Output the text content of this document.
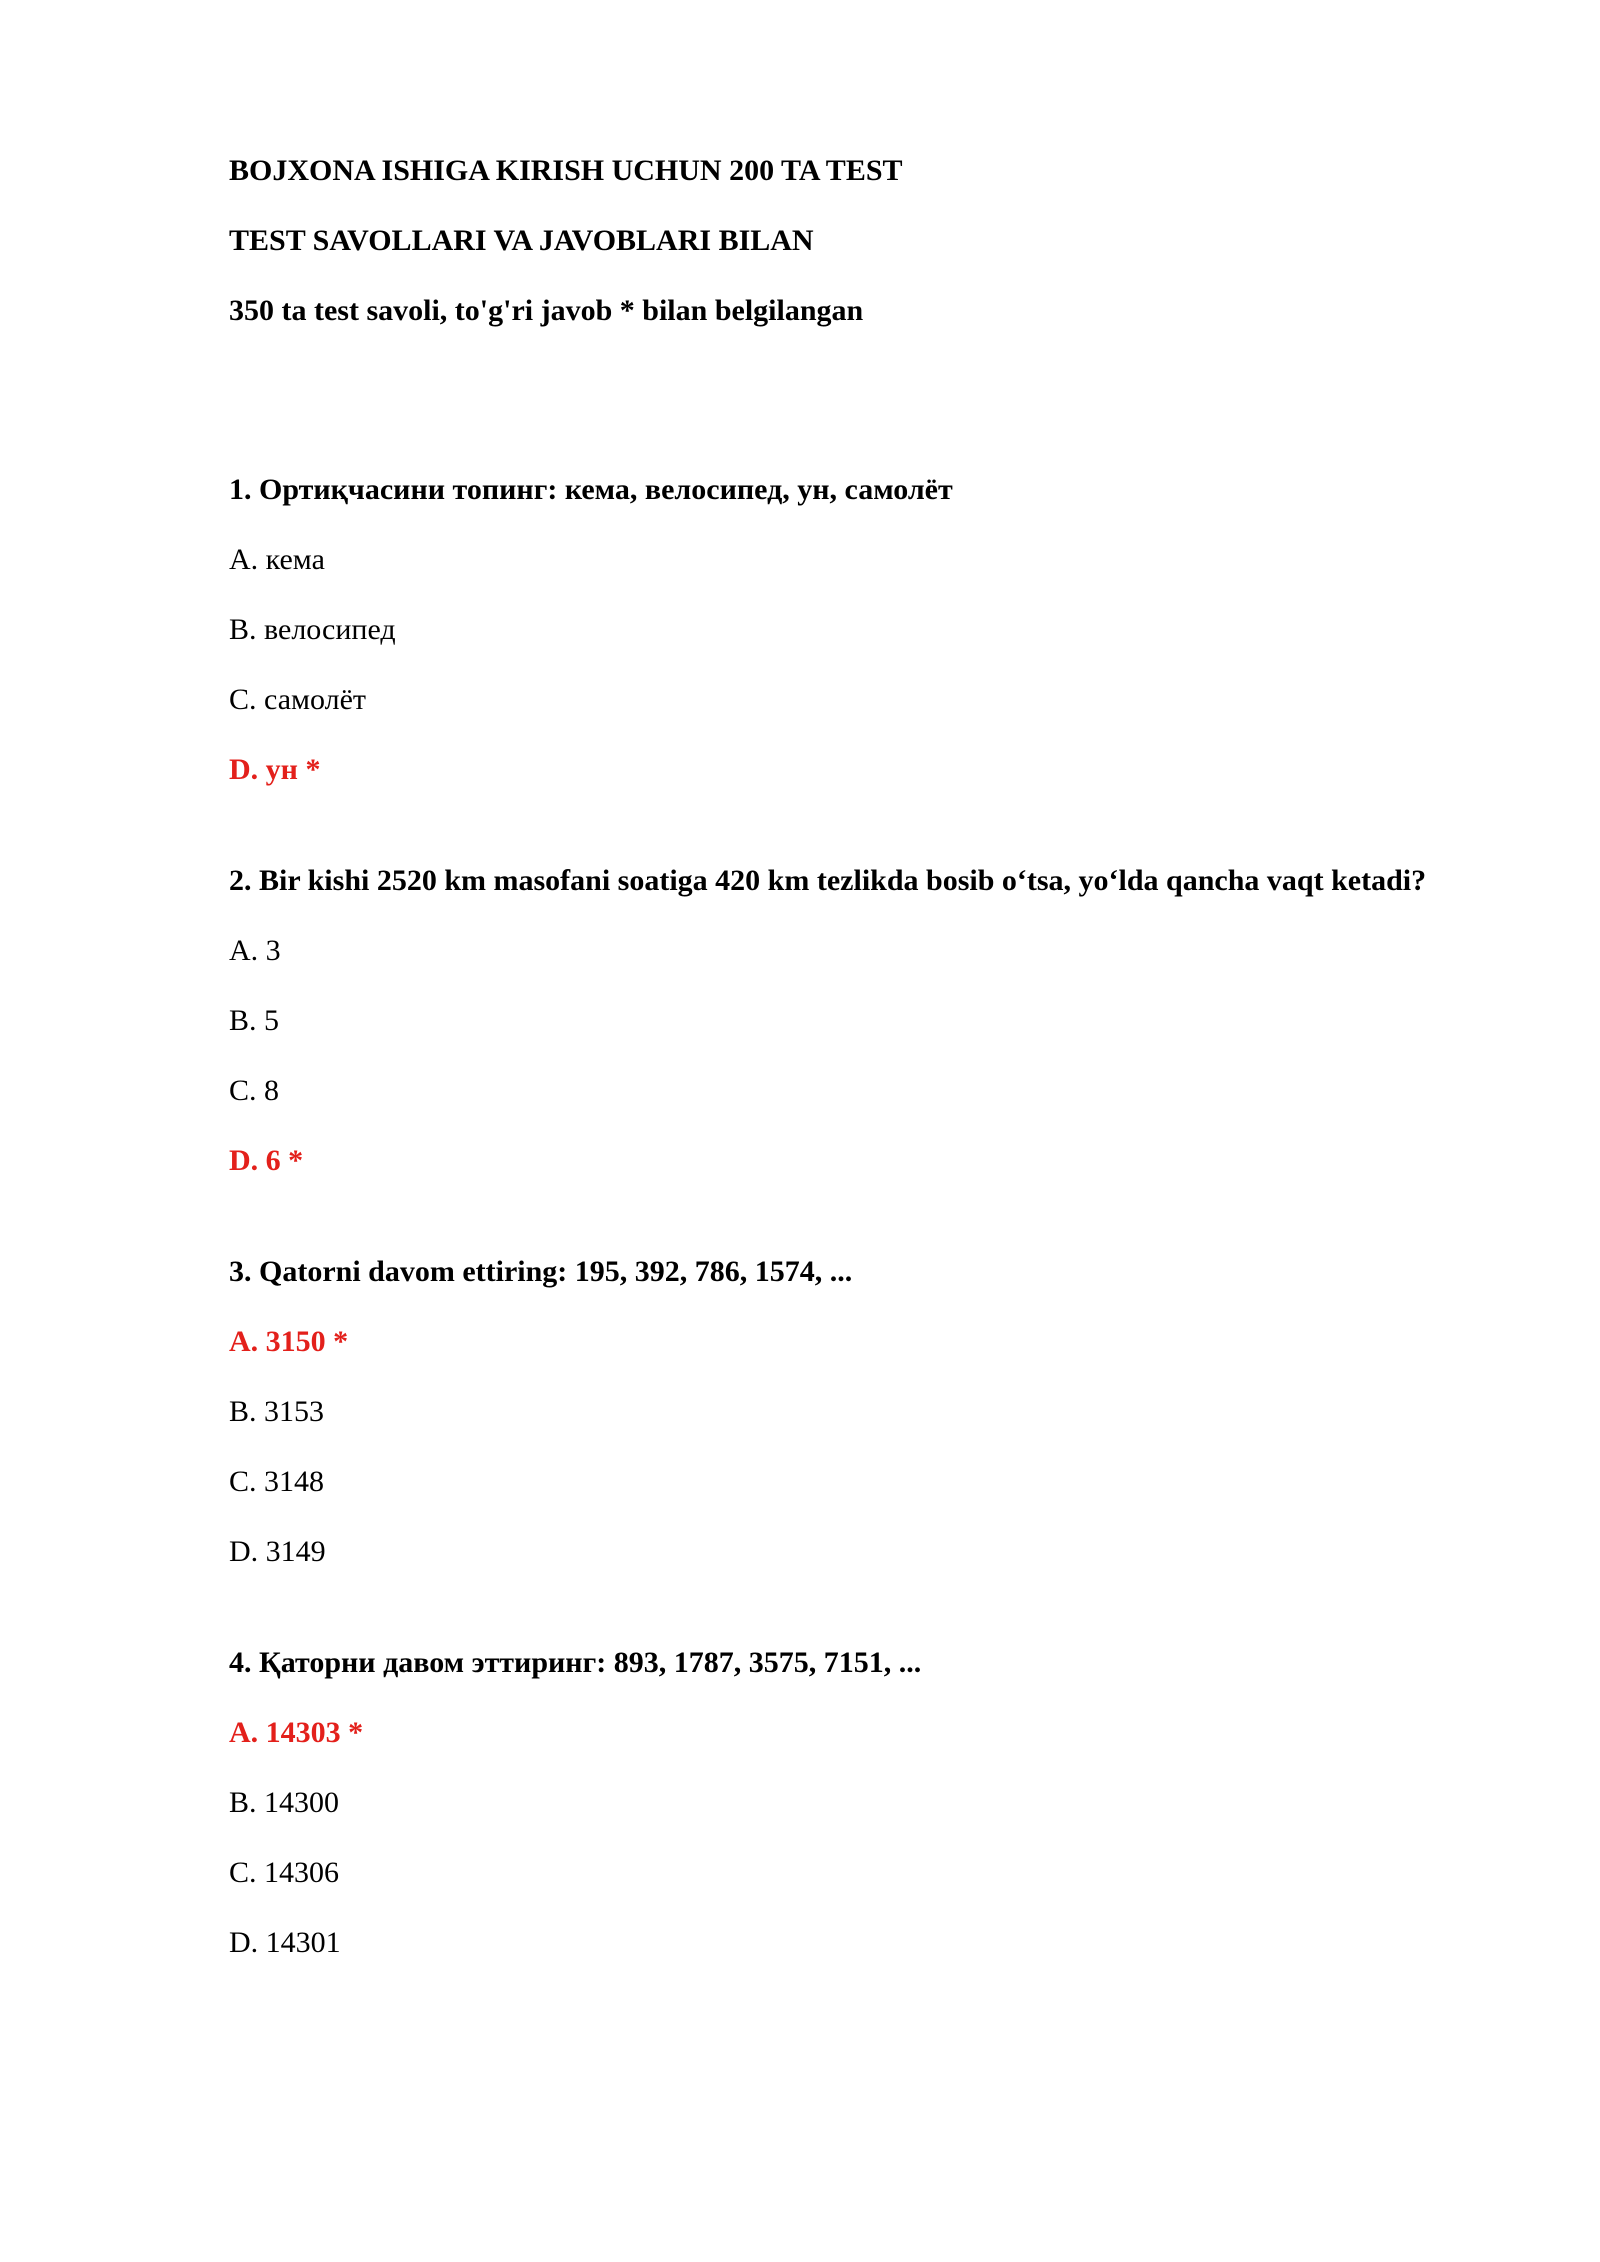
BOJXONA ISHIGA KIRISH UCHUN 200 TA TEST

TEST SAVOLLARI VA JAVOBLARI BILAN

350 ta test savoli, to'g'ri javob * bilan belgilangan

1. Ортиқчасини топинг: кема, велосипед, ун, самолёт

A. кема

B. велосипед

C. самолёт

D. ун *

2. Bir kishi 2520 km masofani soatiga 420 km tezlikda bosib o‘tsa, yo‘lda qancha vaqt ketadi?

A. 3

B. 5

C. 8

D. 6 *

3. Qatorni davom ettiring: 195, 392, 786, 1574, ...

A. 3150 *

B. 3153

C. 3148

D. 3149

4. Қаторни давом эттиринг: 893, 1787, 3575, 7151, ...

A. 14303 *

B. 14300

C. 14306

D. 14301
